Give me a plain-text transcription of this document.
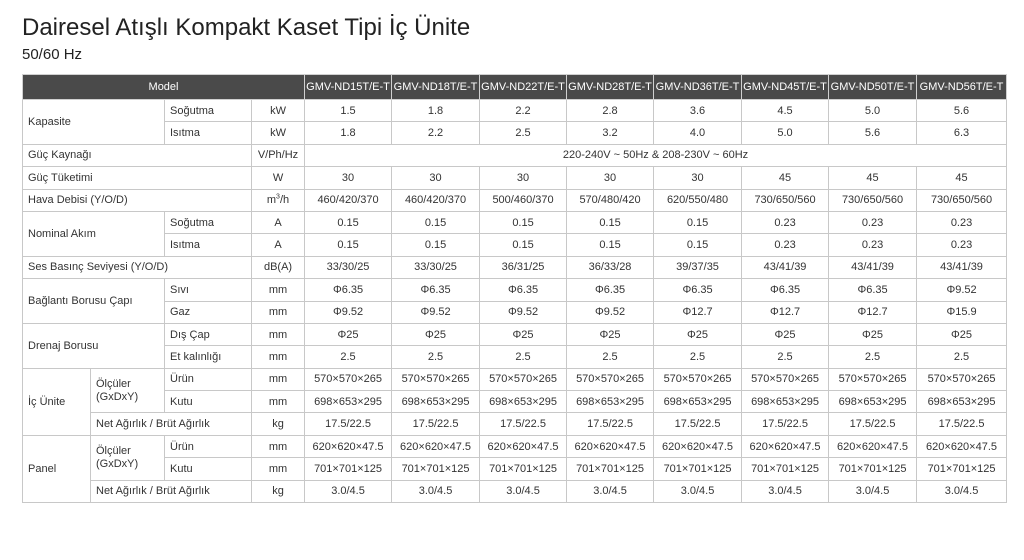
Dairesel Atışlı Kompakt Kaset Tipi İç Ünite
50/60 Hz
Model				GMV-ND15T/E-T	GMV-ND18T/E-T	GMV-ND22T/E-T	GMV-ND28T/E-T	GMV-ND36T/E-T	GMV-ND45T/E-T	GMV-ND50T/E-T	GMV-ND56T/E-T
Kapasite		Soğutma	kW	1.5	1.8	2.2	2.8	3.6	4.5	5.0	5.6
		Isıtma	kW	1.8	2.2	2.5	3.2	4.0	5.0	5.6	6.3
Güç Kaynağı			V/Ph/Hz	220-240V ~ 50Hz & 208-230V ~ 60Hz							
Güç Tüketimi			W	30	30	30	30	30	45	45	45
Hava Debisi (Y/O/D)			$m^3/h$	460/420/370	460/420/370	500/460/370	570/480/420	620/550/480	730/650/560	730/650/560	730/650/560
Nominal Akım		Soğutma	A	0.15	0.15	0.15	0.15	0.15	0.23	0.23	0.23
		Isıtma	A	0.15	0.15	0.15	0.15	0.15	0.23	0.23	0.23
Ses Basınç Seviyesi (Y/O/D)			dB(A)	33/30/25	33/30/25	36/31/25	36/33/28	39/37/35	43/41/39	43/41/39	43/41/39
Bağlantı Borusu Çapı		Sıvı	mm	Φ6.35	Φ6.35	Φ6.35	Φ6.35	Φ6.35	Φ6.35	Φ6.35	Φ9.52
		Gaz	mm	Φ9.52	Φ9.52	Φ9.52	Φ9.52	Φ12.7	Φ12.7	Φ12.7	Φ15.9
Drenaj Borusu		Dış Çap	mm	Φ25	Φ25	Φ25	Φ25	Φ25	Φ25	Φ25	Φ25
		Et kalınlığı	mm	2.5	2.5	2.5	2.5	2.5	2.5	2.5	2.5
İç Ünite	Ölçüler (GxDxY)	Ürün	mm	570×570×265	570×570×265	570×570×265	570×570×265	570×570×265	570×570×265	570×570×265	570×570×265
		Kutu	mm	698×653×295	698×653×295	698×653×295	698×653×295	698×653×295	698×653×295	698×653×295	698×653×295
	Net Ağırlık / Brüt Ağırlık		kg	17.5/22.5	17.5/22.5	17.5/22.5	17.5/22.5	17.5/22.5	17.5/22.5	17.5/22.5	17.5/22.5
Panel	Ölçüler (GxDxY)	Ürün	mm	620×620×47.5	620×620×47.5	620×620×47.5	620×620×47.5	620×620×47.5	620×620×47.5	620×620×47.5	620×620×47.5
		Kutu	mm	701×701×125	701×701×125	701×701×125	701×701×125	701×701×125	701×701×125	701×701×125	701×701×125
	Net Ağırlık / Brüt Ağırlık		kg	3.0/4.5	3.0/4.5	3.0/4.5	3.0/4.5	3.0/4.5	3.0/4.5	3.0/4.5	3.0/4.5
